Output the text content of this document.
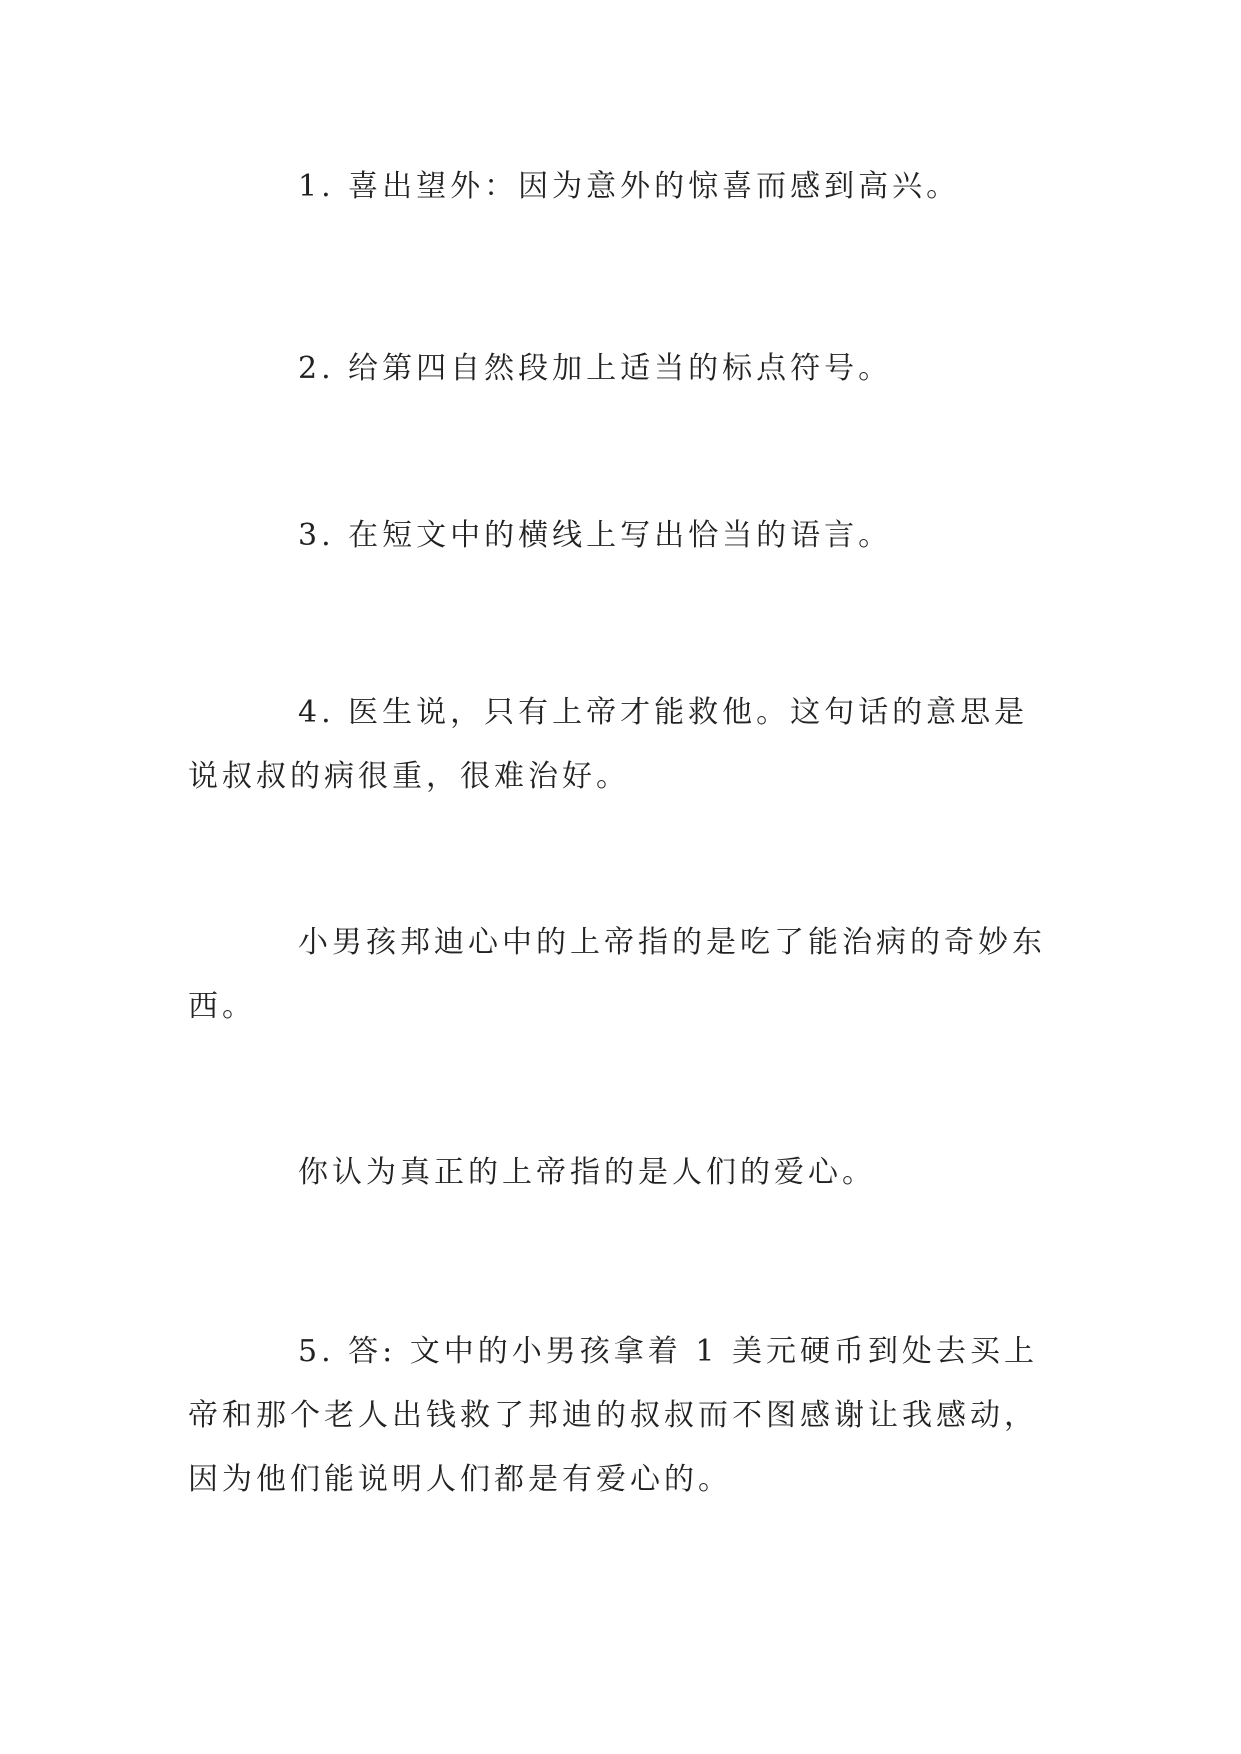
1. 喜出望外：因为意外的惊喜而感到高兴。

2. 给第四自然段加上适当的标点符号。

3. 在短文中的横线上写出恰当的语言。

4. 医生说，只有上帝才能救他。这句话的意思是说叔叔的病很重，很难治好。

小男孩邦迪心中的上帝指的是吃了能治病的奇妙东西。

你认为真正的上帝指的是人们的爱心。

5. 答: 文中的小男孩拿着 1 美元硬币到处去买上帝和那个老人出钱救了邦迪的叔叔而不图感谢让我感动，因为他们能说明人们都是有爱心的。
